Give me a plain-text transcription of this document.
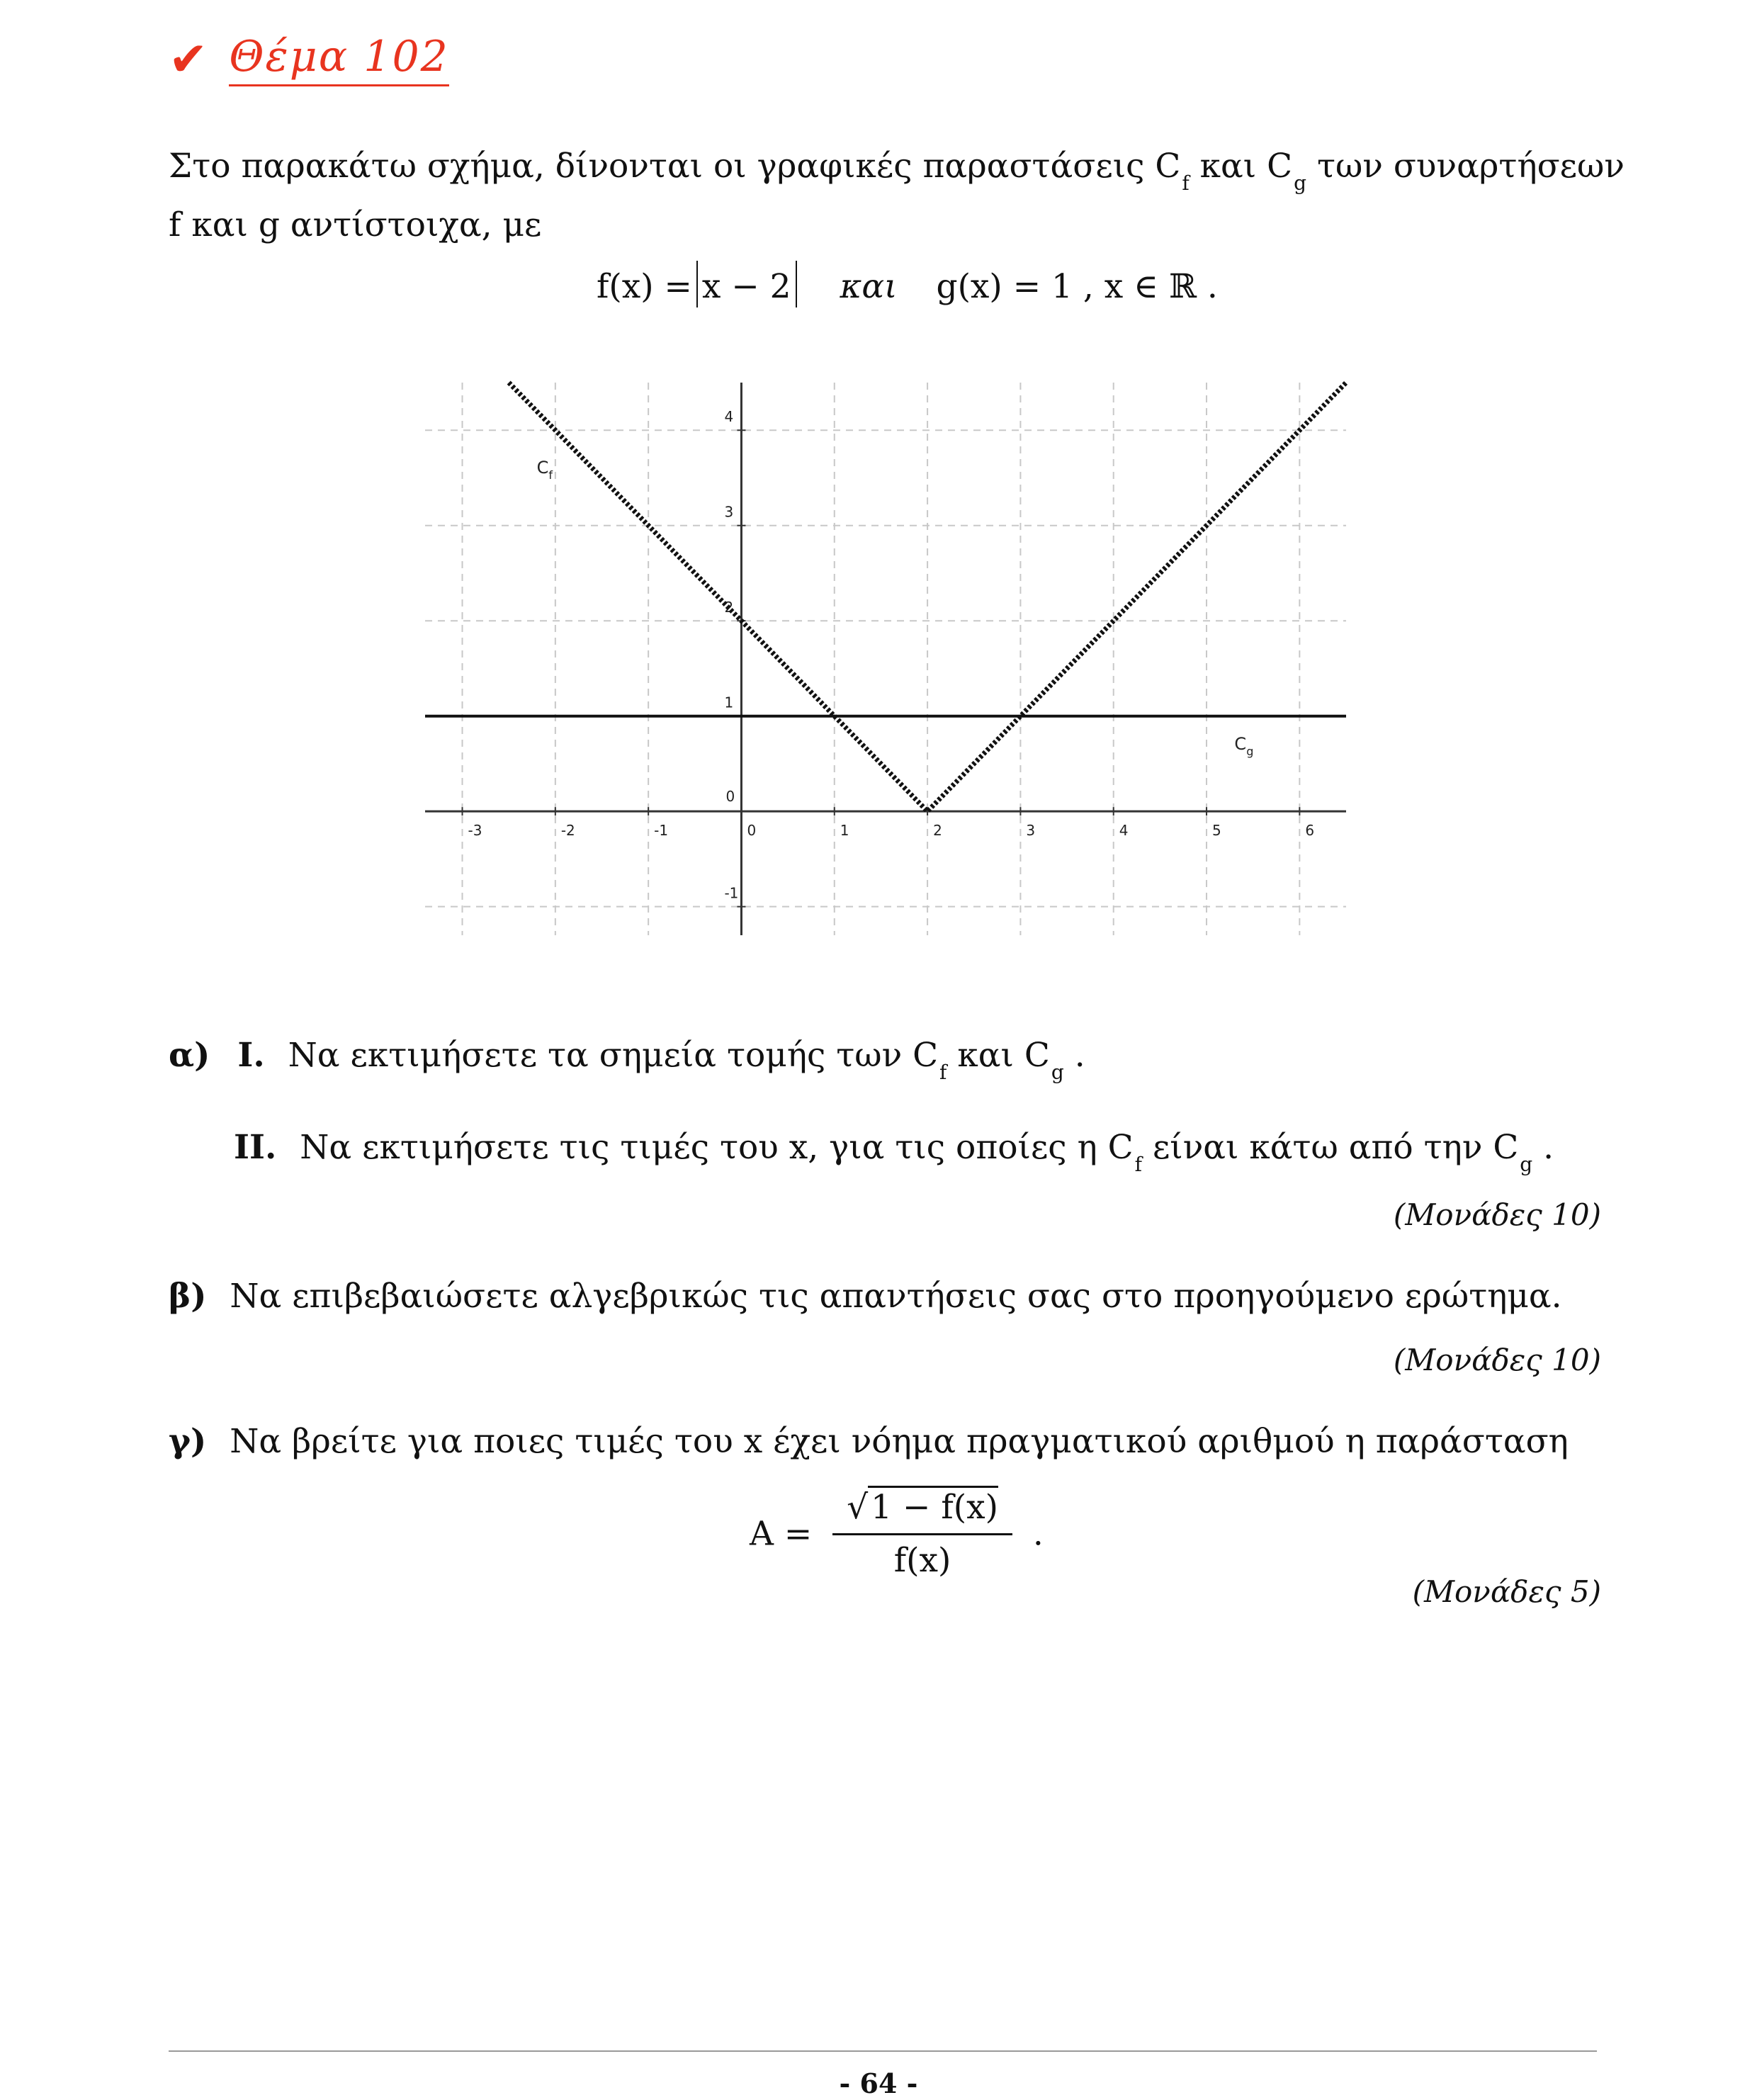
✔ Θέμα 102
Στο παρακάτω σχήμα, δίνονται οι γραφικές παραστάσεις $C_f$ και $C_g$ των συναρτήσεων
f και g αντίστοιχα, με
f(x) = x − 2 και g(x) = 1 , x ∈ ℝ .
-3	-2	-1	0	1	2	3	4	5	6
-1
0
1
2
3
4
$C_f$
$C_g$
α) I. Να εκτιμήσετε τα σημεία τομής των $C_f$ και $C_g$ .
II. Να εκτιμήσετε τις τιμές του x, για τις οποίες η $C_f$ είναι κάτω από την $C_g$ .
(Μονάδες 10)
β) Να επιβεβαιώσετε αλγεβρικώς τις απαντήσεις σας στο προηγούμενο ερώτημα.
(Μονάδες 10)
γ) Να βρείτε για ποιες τιμές του x έχει νόημα πραγματικού αριθμού η παράσταση
$A = \frac{√1 - f(x)}{f(x)}$ .
(Μονάδες 5)
- 64 -
